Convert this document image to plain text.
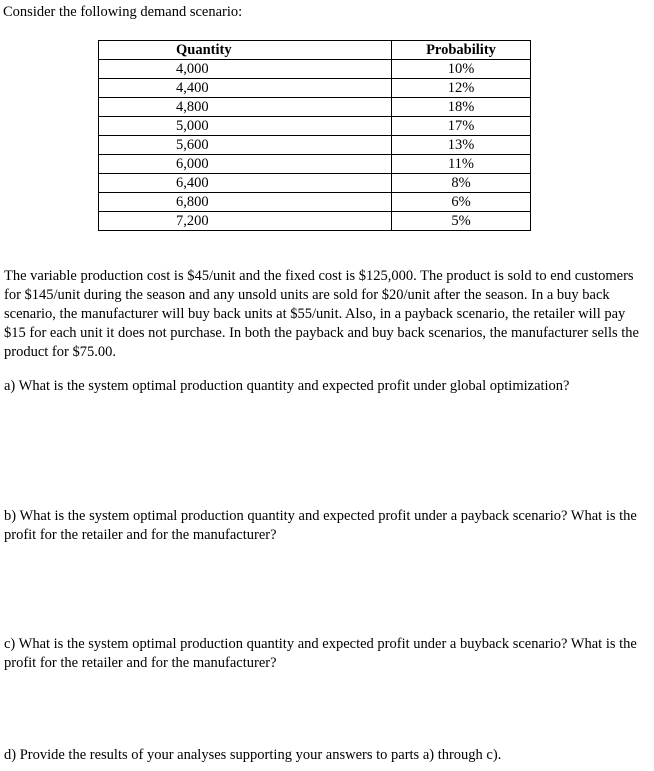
Consider the following demand scenario:
Quantity	Probability
4,000	10%
4,400	12%
4,800	18%
5,000	17%
5,600	13%
6,000	11%
6,400	8%
6,800	6%
7,200	5%

The variable production cost is $45/unit and the fixed cost is $125,000. The product is sold to end customers for $145/unit during the season and any unsold units are sold for $20/unit after the season. In a buy back scenario, the manufacturer will buy back units at $55/unit. Also, in a payback scenario, the retailer will pay $15 for each unit it does not purchase. In both the payback and buy back scenarios, the manufacturer sells the product for $75.00.

a) What is the system optimal production quantity and expected profit under global optimization?

b) What is the system optimal production quantity and expected profit under a payback scenario? What is the profit for the retailer and for the manufacturer?

c) What is the system optimal production quantity and expected profit under a buyback scenario? What is the profit for the retailer and for the manufacturer?

d) Provide the results of your analyses supporting your answers to parts a) through c).
